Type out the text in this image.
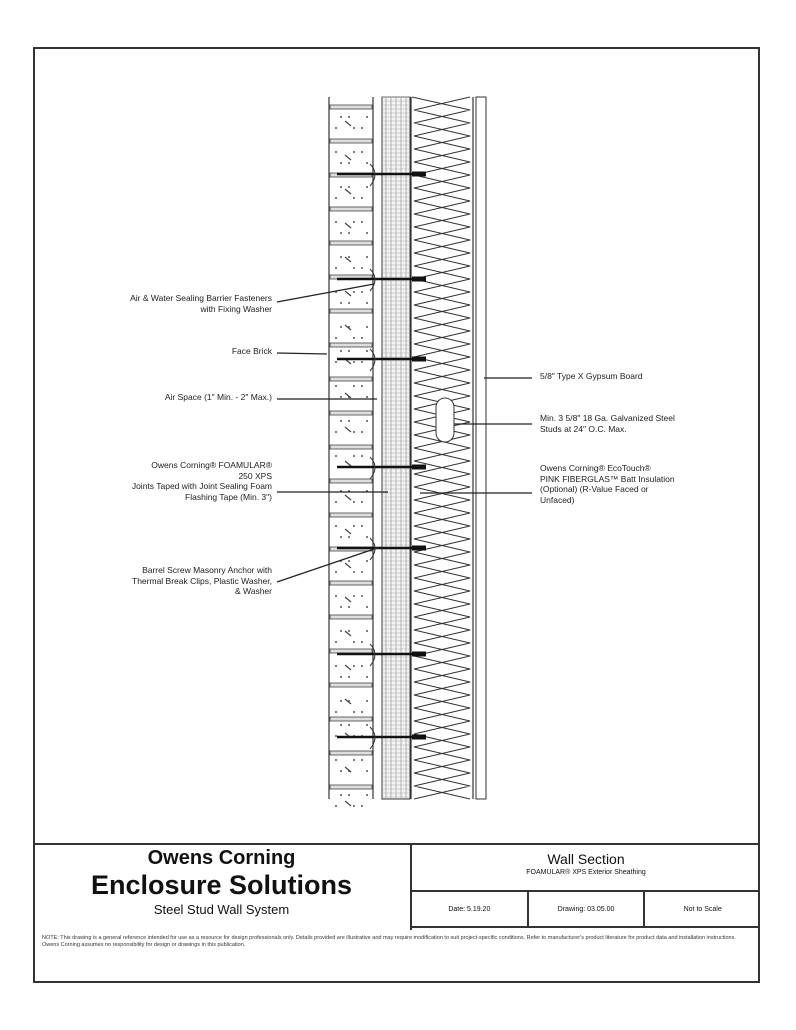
Air & Water Sealing Barrier Fasteners
with Fixing Washer
Face Brick
Air Space (1" Min. - 2" Max.)
Owens Corning® FOAMULAR®
250 XPS
Joints Taped with Joint Sealing Foam
Flashing Tape (Min. 3")
Barrel Screw Masonry Anchor with
Thermal Break Clips, Plastic Washer,
& Washer
5/8" Type X Gypsum Board
Min. 3 5/8" 18 Ga. Galvanized Steel
Studs at 24" O.C. Max.
Owens Corning® EcoTouch®
PINK FIBERGLAS™ Batt Insulation
(Optional) (R-Value Faced or
Unfaced)
Owens Corning
Enclosure Solutions
Steel Stud Wall System
Wall Section
FOAMULAR® XPS Exterior Sheathing
Date: 5.19.20	Drawing: 03.05.00	Not to Scale
NOTE: This drawing is a general reference intended for use as a resource for design professionals only. Details provided are illustrative and may require modification to suit project-specific conditions. Refer to manufacturer's product literature for product data and installation instructions. Owens Corning assumes no responsibility for design or drawings in this publication.
